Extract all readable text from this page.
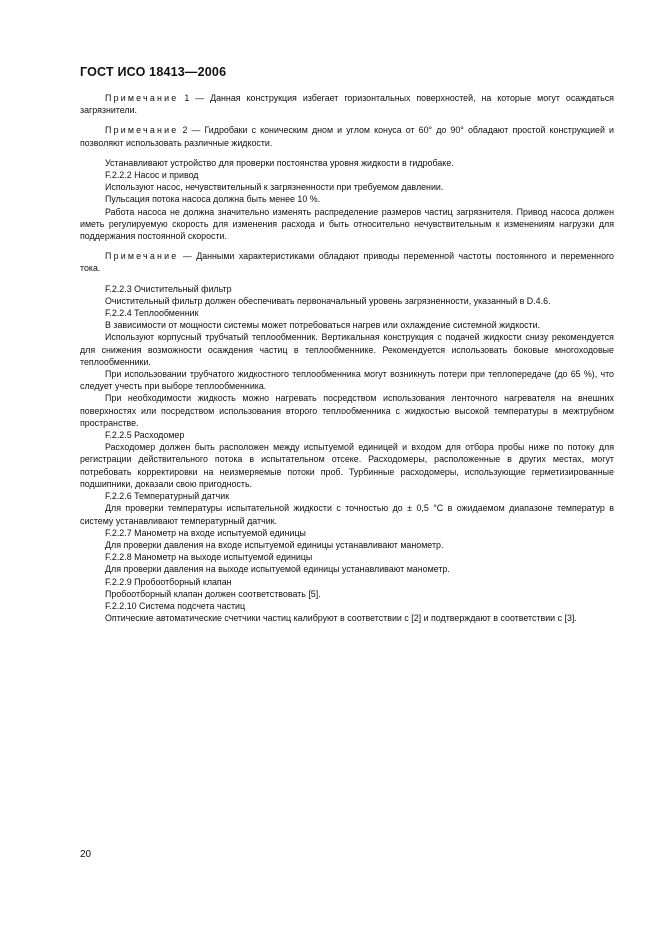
ГОСТ ИСО 18413—2006

Примечание 1 — Данная конструкция избегает горизонтальных поверхностей, на которые могут осаждаться загрязнители.

Примечание 2 — Гидробаки с коническим дном и углом конуса от 60° до 90° обладают простой конструкцией и позволяют использовать различные жидкости.

Устанавливают устройство для проверки постоянства уровня жидкости в гидробаке.

F.2.2.2 Насос и привод

Используют насос, нечувствительный к загрязненности при требуемом давлении.

Пульсация потока насоса должна быть менее 10 %.

Работа насоса не должна значительно изменять распределение размеров частиц загрязнителя. Привод насоса должен иметь регулируемую скорость для изменения расхода и быть относительно нечувствительным к изменениям нагрузки для поддержания постоянной скорости.

Примечание — Данными характеристиками обладают приводы переменной частоты постоянного и переменного тока.

F.2.2.3 Очистительный фильтр

Очистительный фильтр должен обеспечивать первоначальный уровень загрязненности, указанный в D.4.6.

F.2.2.4 Теплообменник

В зависимости от мощности системы может потребоваться нагрев или охлаждение системной жидкости.

Используют корпусный трубчатый теплообменник. Вертикальная конструкция с подачей жидкости снизу рекомендуется для снижения возможности осаждения частиц в теплообменнике. Рекомендуется использовать боковые многоходовые теплообменники.

При использовании трубчатого жидкостного теплообменника могут возникнуть потери при теплопередаче (до 65 %), что следует учесть при выборе теплообменника.

При необходимости жидкость можно нагревать посредством использования ленточного нагревателя на внешних поверхностях или посредством использования второго теплообменника с жидкостью высокой температуры в межтрубном пространстве.

F.2.2.5 Расходомер

Расходомер должен быть расположен между испытуемой единицей и входом для отбора пробы ниже по потоку для регистрации действительного потока в испытательном отсеке. Расходомеры, расположенные в других местах, могут потребовать корректировки на неизмеряемые потоки проб. Турбинные расходомеры, использующие герметизированные подшипники, доказали свою пригодность.

F.2.2.6 Температурный датчик

Для проверки температуры испытательной жидкости с точностью до ± 0,5 °С в ожидаемом диапазоне температур в систему устанавливают температурный датчик.

F.2.2.7 Манометр на входе испытуемой единицы

Для проверки давления на входе испытуемой единицы устанавливают манометр.

F.2.2.8 Манометр на выходе испытуемой единицы

Для проверки давления на выходе испытуемой единицы устанавливают манометр.

F.2.2.9 Пробоотборный клапан

Пробоотборный клапан должен соответствовать [5].

F.2.2.10 Система подсчета частиц

Оптические автоматические счетчики частиц калибруют в соответствии с [2] и подтверждают в соответствии с [3].

20
